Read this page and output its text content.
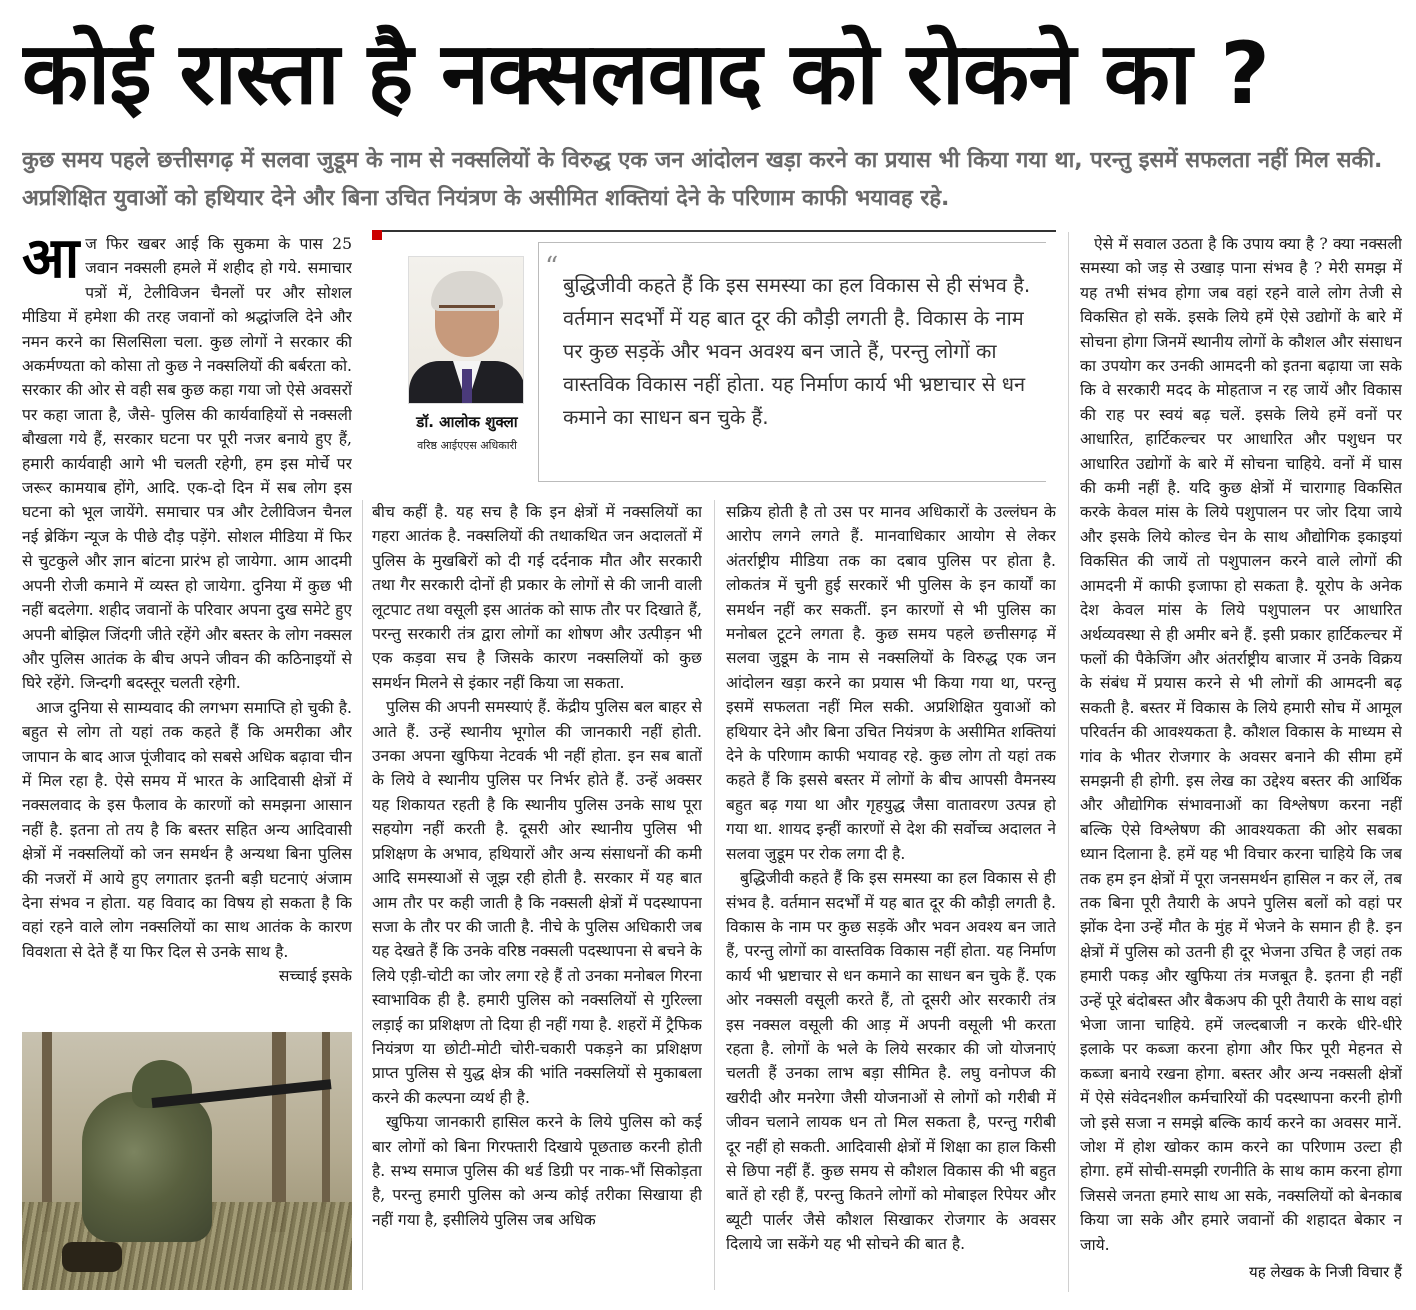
कोई रास्ता है नक्सलवाद को रोकने का ?
कुछ समय पहले छत्तीसगढ़ में सलवा जुडूम के नाम से नक्सलियों के विरुद्ध एक जन आंदोलन खड़ा करने का प्रयास भी किया गया था, परन्तु इसमें सफलता नहीं मिल सकी. अप्रशिक्षित युवाओं को हथियार देने और बिना उचित नियंत्रण के असीमित शक्तियां देने के परिणाम काफी भयावह रहे.

आज फिर खबर आई कि सुकमा के पास 25 जवान नक्सली हमले में शहीद हो गये. समाचार पत्रों में, टेलीविजन चैनलों पर और सोशल मीडिया में हमेशा की तरह जवानों को श्रद्धांजलि देने और नमन करने का सिलसिला चला. कुछ लोगों ने सरकार की अकर्मण्यता को कोसा तो कुछ ने नक्सलियों की बर्बरता को. सरकार की ओर से वही सब कुछ कहा गया जो ऐसे अवसरों पर कहा जाता है, जैसे- पुलिस की कार्यवाहियों से नक्सली बौखला गये हैं, सरकार घटना पर पूरी नजर बनाये हुए हैं, हमारी कार्यवाही आगे भी चलती रहेगी, हम इस मोर्चे पर जरूर कामयाब होंगे, आदि. एक-दो दिन में सब लोग इस घटना को भूल जायेंगे. समाचार पत्र और टेलीविजन चैनल नई ब्रेकिंग न्यूज के पीछे दौड़ पड़ेंगे. सोशल मीडिया में फिर से चुटकुले और ज्ञान बांटना प्रारंभ हो जायेगा. आम आदमी अपनी रोजी कमाने में व्यस्त हो जायेगा. दुनिया में कुछ भी नहीं बदलेगा. शहीद जवानों के परिवार अपना दुख समेटे हुए अपनी बोझिल जिंदगी जीते रहेंगे और बस्तर के लोग नक्सल और पुलिस आतंक के बीच अपने जीवन की कठिनाइयों से घिरे रहेंगे. जिन्दगी बदस्तूर चलती रहेगी.

आज दुनिया से साम्यवाद की लगभग समाप्ति हो चुकी है. बहुत से लोग तो यहां तक कहते हैं कि अमरीका और जापान के बाद आज पूंजीवाद को सबसे अधिक बढ़ावा चीन में मिल रहा है. ऐसे समय में भारत के आदिवासी क्षेत्रों में नक्सलवाद के इस फैलाव के कारणों को समझना आसान नहीं है. इतना तो तय है कि बस्तर सहित अन्य आदिवासी क्षेत्रों में नक्सलियों को जन समर्थन है अन्यथा बिना पुलिस की नजरों में आये हुए लगातार इतनी बड़ी घटनाएं अंजाम देना संभव न होता. यह विवाद का विषय हो सकता है कि वहां रहने वाले लोग नक्सलियों का साथ आतंक के कारण विवशता से देते हैं या फिर दिल से उनके साथ है.

सच्चाई इसके

डॉ. आलोक शुक्ला
वरिष्ठ आईएएस अधिकारी
“
बुद्धिजीवी कहते हैं कि इस समस्या का हल विकास से ही संभव है. वर्तमान सदर्भों में यह बात दूर की कौड़ी लगती है. विकास के नाम पर कुछ सड़कें और भवन अवश्य बन जाते हैं, परन्तु लोगों का वास्तविक विकास नहीं होता. यह निर्माण कार्य भी भ्रष्टाचार से धन कमाने का साधन बन चुके हैं.

बीच कहीं है. यह सच है कि इन क्षेत्रों में नक्सलियों का गहरा आतंक है. नक्सलियों की तथाकथित जन अदालतों में पुलिस के मुखबिरों को दी गई दर्दनाक मौत और सरकारी तथा गैर सरकारी दोनों ही प्रकार के लोगों से की जानी वाली लूटपाट तथा वसूली इस आतंक को साफ तौर पर दिखाते हैं, परन्तु सरकारी तंत्र द्वारा लोगों का शोषण और उत्पीड़न भी एक कड़वा सच है जिसके कारण नक्सलियों को कुछ समर्थन मिलने से इंकार नहीं किया जा सकता.

पुलिस की अपनी समस्याएं हैं. केंद्रीय पुलिस बल बाहर से आते हैं. उन्हें स्थानीय भूगोल की जानकारी नहीं होती. उनका अपना खुफिया नेटवर्क भी नहीं होता. इन सब बातों के लिये वे स्थानीय पुलिस पर निर्भर होते हैं. उन्हें अक्सर यह शिकायत रहती है कि स्थानीय पुलिस उनके साथ पूरा सहयोग नहीं करती है. दूसरी ओर स्थानीय पुलिस भी प्रशिक्षण के अभाव, हथियारों और अन्य संसाधनों की कमी आदि समस्याओं से जूझ रही होती है. सरकार में यह बात आम तौर पर कही जाती है कि नक्सली क्षेत्रों में पदस्थापना सजा के तौर पर की जाती है. नीचे के पुलिस अधिकारी जब यह देखते हैं कि उनके वरिष्ठ नक्सली पदस्थापना से बचने के लिये एड़ी-चोटी का जोर लगा रहे हैं तो उनका मनोबल गिरना स्वाभाविक ही है. हमारी पुलिस को नक्सलियों से गुरिल्ला लड़ाई का प्रशिक्षण तो दिया ही नहीं गया है. शहरों में ट्रैफिक नियंत्रण या छोटी-मोटी चोरी-चकारी पकड़ने का प्रशिक्षण प्राप्त पुलिस से युद्ध क्षेत्र की भांति नक्सलियों से मुकाबला करने की कल्पना व्यर्थ ही है.

खुफिया जानकारी हासिल करने के लिये पुलिस को कई बार लोगों को बिना गिरफ्तारी दिखाये पूछताछ करनी होती है. सभ्य समाज पुलिस की थर्ड डिग्री पर नाक-भौं सिकोड़ता है, परन्तु हमारी पुलिस को अन्य कोई तरीका सिखाया ही नहीं गया है, इसीलिये पुलिस जब अधिक

सक्रिय होती है तो उस पर मानव अधिकारों के उल्लंघन के आरोप लगने लगते हैं. मानवाधिकार आयोग से लेकर अंतर्राष्ट्रीय मीडिया तक का दबाव पुलिस पर होता है. लोकतंत्र में चुनी हुई सरकारें भी पुलिस के इन कार्यों का समर्थन नहीं कर सकतीं. इन कारणों से भी पुलिस का मनोबल टूटने लगता है. कुछ समय पहले छत्तीसगढ़ में सलवा जुडूम के नाम से नक्सलियों के विरुद्ध एक जन आंदोलन खड़ा करने का प्रयास भी किया गया था, परन्तु इसमें सफलता नहीं मिल सकी. अप्रशिक्षित युवाओं को हथियार देने और बिना उचित नियंत्रण के असीमित शक्तियां देने के परिणाम काफी भयावह रहे. कुछ लोग तो यहां तक कहते हैं कि इससे बस्तर में लोगों के बीच आपसी वैमनस्य बहुत बढ़ गया था और गृहयुद्ध जैसा वातावरण उत्पन्न हो गया था. शायद इन्हीं कारणों से देश की सर्वोच्च अदालत ने सलवा जुडूम पर रोक लगा दी है.

बुद्धिजीवी कहते हैं कि इस समस्या का हल विकास से ही संभव है. वर्तमान सदर्भों में यह बात दूर की कौड़ी लगती है. विकास के नाम पर कुछ सड़कें और भवन अवश्य बन जाते हैं, परन्तु लोगों का वास्तविक विकास नहीं होता. यह निर्माण कार्य भी भ्रष्टाचार से धन कमाने का साधन बन चुके हैं. एक ओर नक्सली वसूली करते हैं, तो दूसरी ओर सरकारी तंत्र इस नक्सल वसूली की आड़ में अपनी वसूली भी करता रहता है. लोगों के भले के लिये सरकार की जो योजनाएं चलती हैं उनका लाभ बड़ा सीमित है. लघु वनोपज की खरीदी और मनरेगा जैसी योजनाओं से लोगों को गरीबी में जीवन चलाने लायक धन तो मिल सकता है, परन्तु गरीबी दूर नहीं हो सकती. आदिवासी क्षेत्रों में शिक्षा का हाल किसी से छिपा नहीं हैं. कुछ समय से कौशल विकास की भी बहुत बातें हो रही हैं, परन्तु कितने लोगों को मोबाइल रिपेयर और ब्यूटी पार्लर जैसे कौशल सिखाकर रोजगार के अवसर दिलाये जा सकेंगे यह भी सोचने की बात है.

ऐसे में सवाल उठता है कि उपाय क्या है ? क्या नक्सली समस्या को जड़ से उखाड़ पाना संभव है ? मेरी समझ में यह तभी संभव होगा जब वहां रहने वाले लोग तेजी से विकसित हो सकें. इसके लिये हमें ऐसे उद्योगों के बारे में सोचना होगा जिनमें स्थानीय लोगों के कौशल और संसाधन का उपयोग कर उनकी आमदनी को इतना बढ़ाया जा सके कि वे सरकारी मदद के मोहताज न रह जायें और विकास की राह पर स्वयं बढ़ चलें. इसके लिये हमें वनों पर आधारित, हार्टिकल्चर पर आधारित और पशुधन पर आधारित उद्योगों के बारे में सोचना चाहिये. वनों में घास की कमी नहीं है. यदि कुछ क्षेत्रों में चारागाह विकसित करके केवल मांस के लिये पशुपालन पर जोर दिया जाये और इसके लिये कोल्ड चेन के साथ औद्योगिक इकाइयां विकसित की जायें तो पशुपालन करने वाले लोगों की आमदनी में काफी इजाफा हो सकता है. यूरोप के अनेक देश केवल मांस के लिये पशुपालन पर आधारित अर्थव्यवस्था से ही अमीर बने हैं. इसी प्रकार हार्टिकल्चर में फलों की पैकेजिंग और अंतर्राष्ट्रीय बाजार में उनके विक्रय के संबंध में प्रयास करने से भी लोगों की आमदनी बढ़ सकती है. बस्तर में विकास के लिये हमारी सोच में आमूल परिवर्तन की आवश्यकता है. कौशल विकास के माध्यम से गांव के भीतर रोजगार के अवसर बनाने की सीमा हमें समझनी ही होगी. इस लेख का उद्देश्य बस्तर की आर्थिक और औद्योगिक संभावनाओं का विश्लेषण करना नहीं बल्कि ऐसे विश्लेषण की आवश्यकता की ओर सबका ध्यान दिलाना है. हमें यह भी विचार करना चाहिये कि जब तक हम इन क्षेत्रों में पूरा जनसमर्थन हासिल न कर लें, तब तक बिना पूरी तैयारी के अपने पुलिस बलों को वहां पर झोंक देना उन्हें मौत के मुंह में भेजने के समान ही है. इन क्षेत्रों में पुलिस को उतनी ही दूर भेजना उचित है जहां तक हमारी पकड़ और खुफिया तंत्र मजबूत है. इतना ही नहीं उन्हें पूरे बंदोबस्त और बैकअप की पूरी तैयारी के साथ वहां भेजा जाना चाहिये. हमें जल्दबाजी न करके धीरे-धीरे इलाके पर कब्जा करना होगा और फिर पूरी मेहनत से कब्जा बनाये रखना होगा. बस्तर और अन्य नक्सली क्षेत्रों में ऐसे संवेदनशील कर्मचारियों की पदस्थापना करनी होगी जो इसे सजा न समझे बल्कि कार्य करने का अवसर मानें. जोश में होश खोकर काम करने का परिणाम उल्टा ही होगा. हमें सोची-समझी रणनीति के साथ काम करना होगा जिससे जनता हमारे साथ आ सके, नक्सलियों को बेनकाब किया जा सके और हमारे जवानों की शहादत बेकार न जाये.

यह लेखक के निजी विचार हैं
